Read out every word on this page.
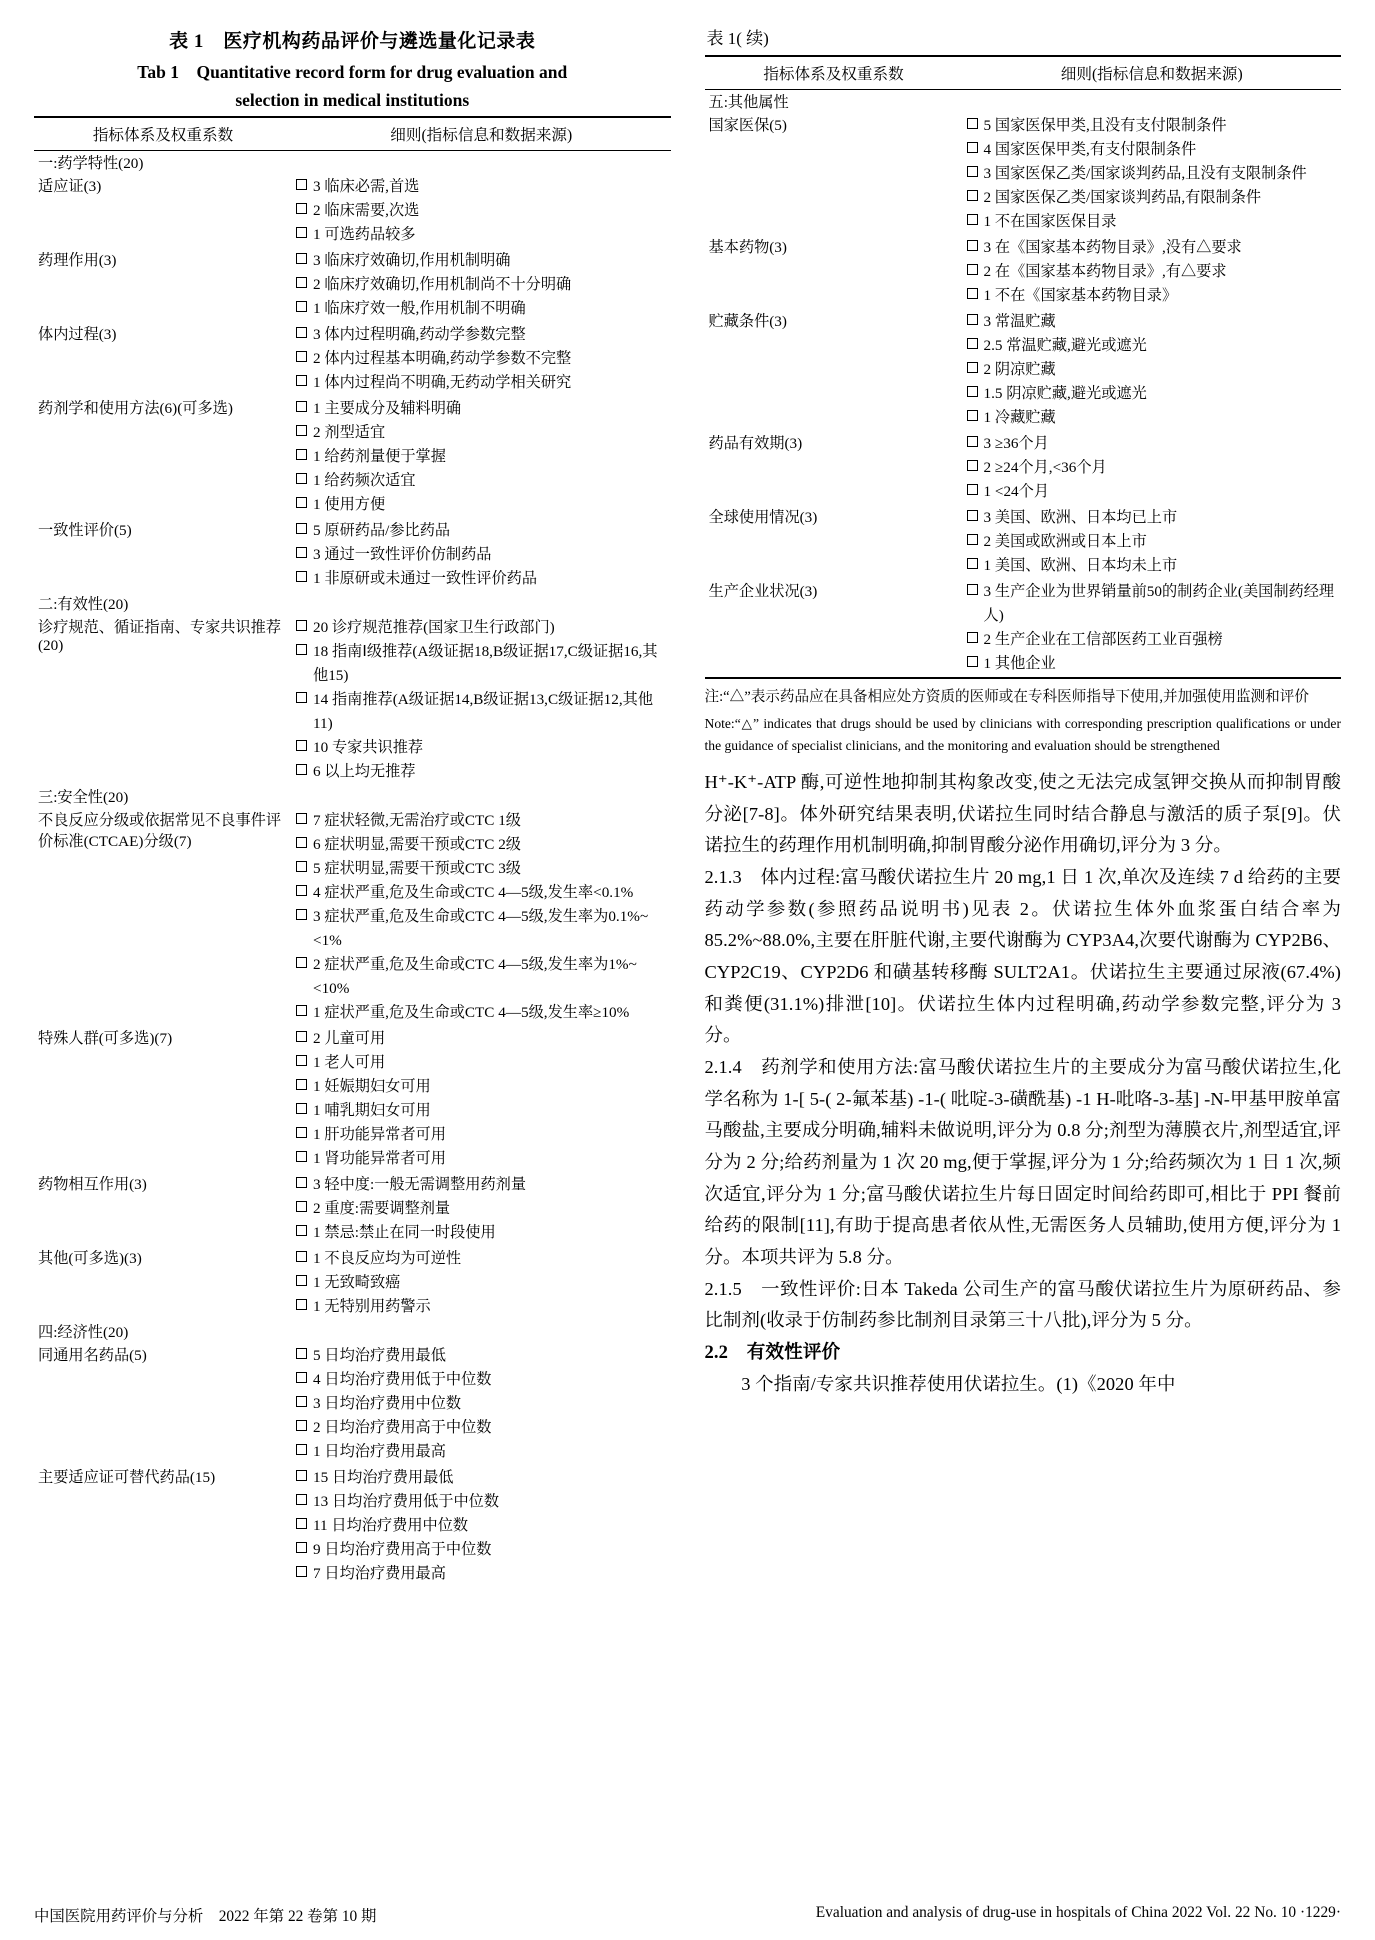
表 1　医疗机构药品评价与遴选量化记录表
Tab 1　Quantitative record form for drug evaluation and
selection in medical institutions
指标体系及权重系数	细则(指标信息和数据来源)
一:药学特性(20)	
适应证(3)	3 临床必需,首选
2 临床需要,次选
1 可选药品较多

药理作用(3)	3 临床疗效确切,作用机制明确
2 临床疗效确切,作用机制尚不十分明确
1 临床疗效一般,作用机制不明确

体内过程(3)	3 体内过程明确,药动学参数完整
2 体内过程基本明确,药动学参数不完整
1 体内过程尚不明确,无药动学相关研究

药剂学和使用方法(6)(可多选)	1 主要成分及辅料明确
2 剂型适宜
1 给药剂量便于掌握
1 给药频次适宜
1 使用方便

一致性评价(5)	5 原研药品/参比药品
3 通过一致性评价仿制药品
1 非原研或未通过一致性评价药品

二:有效性(20)	
诊疗规范、循证指南、专家共识推荐(20)	20 诊疗规范推荐(国家卫生行政部门)
18 指南Ⅰ级推荐(A级证据18,B级证据17,C级证据16,其他15)
14 指南推荐(A级证据14,B级证据13,C级证据12,其他11)
10 专家共识推荐
6 以上均无推荐

三:安全性(20)	
不良反应分级或依据常见不良事件评价标准(CTCAE)分级(7)	
7 症状轻微,无需治疗或CTC 1级
6 症状明显,需要干预或CTC 2级
5 症状明显,需要干预或CTC 3级
4 症状严重,危及生命或CTC 4—5级,发生率<0.1%
3 症状严重,危及生命或CTC 4—5级,发生率为0.1%~<1%
2 症状严重,危及生命或CTC 4—5级,发生率为1%~<10%
1 症状严重,危及生命或CTC 4—5级,发生率≥10%

特殊人群(可多选)(7)	2 儿童可用
1 老人可用
1 妊娠期妇女可用
1 哺乳期妇女可用
1 肝功能异常者可用
1 肾功能异常者可用

药物相互作用(3)	3 轻中度:一般无需调整用药剂量
2 重度:需要调整剂量
1 禁忌:禁止在同一时段使用

其他(可多选)(3)	1 不良反应均为可逆性
1 无致畸致癌
1 无特别用药警示

四:经济性(20)	
同通用名药品(5)	5 日均治疗费用最低
4 日均治疗费用低于中位数
3 日均治疗费用中位数
2 日均治疗费用高于中位数
1 日均治疗费用最高

主要适应证可替代药品(15)	15 日均治疗费用最低
13 日均治疗费用低于中位数
11 日均治疗费用中位数
9 日均治疗费用高于中位数
7 日均治疗费用最高
表 1( 续)
指标体系及权重系数	细则(指标信息和数据来源)
五:其他属性	
国家医保(5)	5 国家医保甲类,且没有支付限制条件
4 国家医保甲类,有支付限制条件
3 国家医保乙类/国家谈判药品,且没有支限制条件
2 国家医保乙类/国家谈判药品,有限制条件
1 不在国家医保目录

基本药物(3)	3 在《国家基本药物目录》,没有△要求
2 在《国家基本药物目录》,有△要求
1 不在《国家基本药物目录》

贮藏条件(3)	3 常温贮藏
2.5 常温贮藏,避光或遮光
2 阴凉贮藏
1.5 阴凉贮藏,避光或遮光
1 冷藏贮藏

药品有效期(3)	3 ≥36个月
2 ≥24个月,<36个月
1 <24个月

全球使用情况(3)	3 美国、欧洲、日本均已上市
2 美国或欧洲或日本上市
1 美国、欧洲、日本均未上市

生产企业状况(3)	3 生产企业为世界销量前50的制药企业(美国制药经理人)
2 生产企业在工信部医药工业百强榜
1 其他企业
注:“△”表示药品应在具备相应处方资质的医师或在专科医师指导下使用,并加强使用监测和评价
Note:“△” indicates that drugs should be used by clinicians with corresponding prescription qualifications or under the guidance of specialist clinicians, and the monitoring and evaluation should be strengthened

H⁺-K⁺-ATP 酶,可逆性地抑制其构象改变,使之无法完成氢钾交换从而抑制胃酸分泌[7-8]。体外研究结果表明,伏诺拉生同时结合静息与激活的质子泵[9]。伏诺拉生的药理作用机制明确,抑制胃酸分泌作用确切,评分为 3 分。

2.1.3　体内过程:富马酸伏诺拉生片 20 mg,1 日 1 次,单次及连续 7 d 给药的主要药动学参数(参照药品说明书)见表 2。伏诺拉生体外血浆蛋白结合率为 85.2%~88.0%,主要在肝脏代谢,主要代谢酶为 CYP3A4,次要代谢酶为 CYP2B6、CYP2C19、CYP2D6 和磺基转移酶 SULT2A1。伏诺拉生主要通过尿液(67.4%)和粪便(31.1%)排泄[10]。伏诺拉生体内过程明确,药动学参数完整,评分为 3 分。

2.1.4　药剂学和使用方法:富马酸伏诺拉生片的主要成分为富马酸伏诺拉生,化学名称为 1-[ 5-( 2-氟苯基) -1-( 吡啶-3-磺酰基) -1 H-吡咯-3-基] -N-甲基甲胺单富马酸盐,主要成分明确,辅料未做说明,评分为 0.8 分;剂型为薄膜衣片,剂型适宜,评分为 2 分;给药剂量为 1 次 20 mg,便于掌握,评分为 1 分;给药频次为 1 日 1 次,频次适宜,评分为 1 分;富马酸伏诺拉生片每日固定时间给药即可,相比于 PPI 餐前给药的限制[11],有助于提高患者依从性,无需医务人员辅助,使用方便,评分为 1 分。本项共评为 5.8 分。

2.1.5　一致性评价:日本 Takeda 公司生产的富马酸伏诺拉生片为原研药品、参比制剂(收录于仿制药参比制剂目录第三十八批),评分为 5 分。

2.2　有效性评价

3 个指南/专家共识推荐使用伏诺拉生。(1)《2020 年中

中国医院用药评价与分析　2022 年第 22 卷第 10 期	Evaluation and analysis of drug-use in hospitals of China 2022 Vol. 22 No. 10 ·1229·
